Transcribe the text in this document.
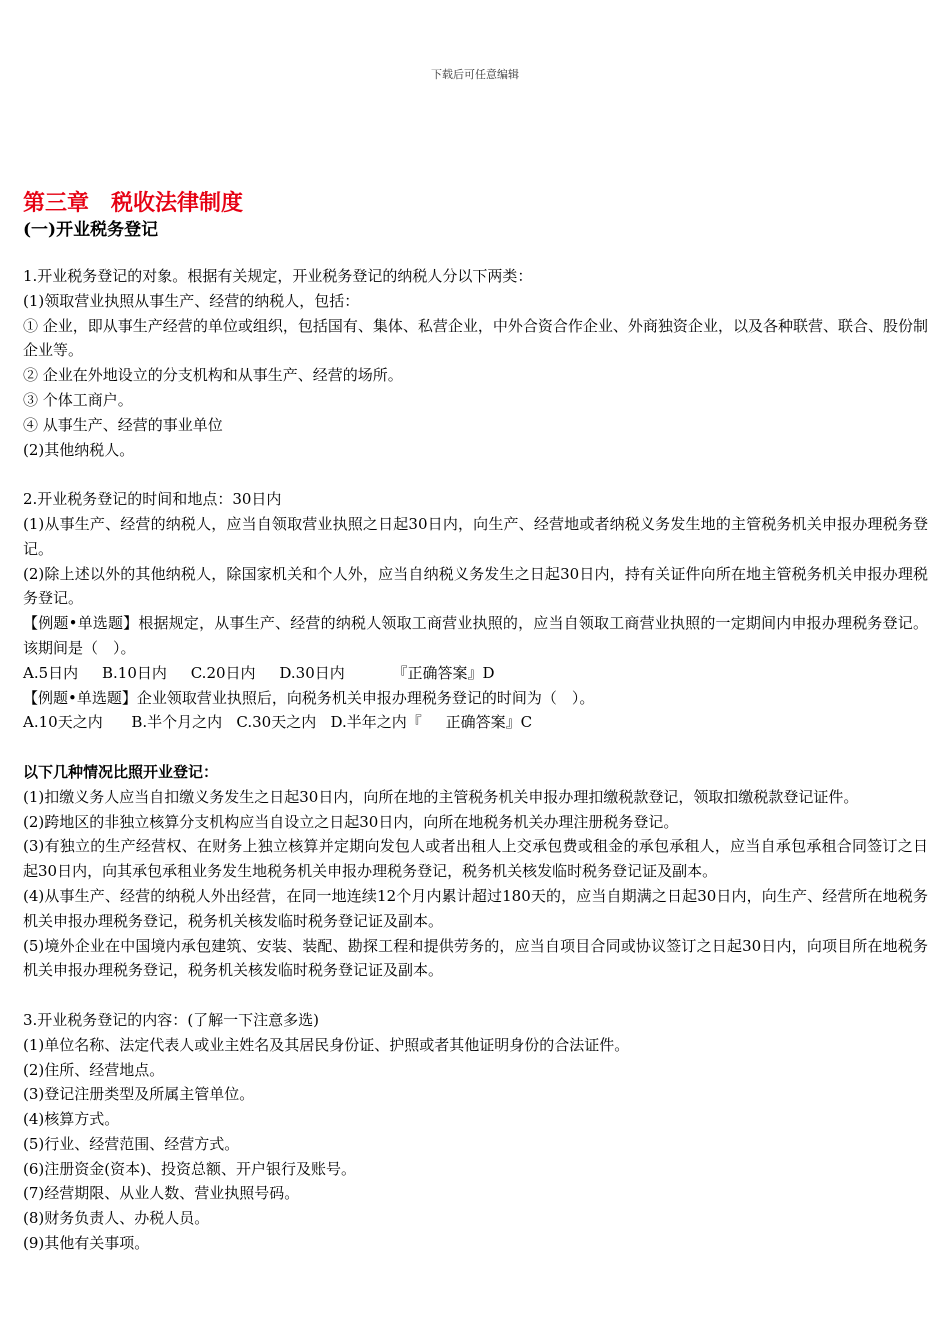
下载后可任意编辑
第三章　税收法律制度
(一)开业税务登记

1.开业税务登记的对象。根据有关规定，开业税务登记的纳税人分以下两类：

(1)领取营业执照从事生产、经营的纳税人，包括：

① 企业，即从事生产经营的单位或组织，包括国有、集体、私营企业，中外合资合作企业、外商独资企业，以及各种联营、联合、股份制企业等。

② 企业在外地设立的分支机构和从事生产、经营的场所。

③ 个体工商户。

④ 从事生产、经营的事业单位

(2)其他纳税人。

2.开业税务登记的时间和地点：30日内

(1)从事生产、经营的纳税人，应当自领取营业执照之日起30日内，向生产、经营地或者纳税义务发生地的主管税务机关申报办理税务登记。

(2)除上述以外的其他纳税人，除国家机关和个人外，应当自纳税义务发生之日起30日内，持有关证件向所在地主管税务机关申报办理税务登记。

【例题•单选题】根据规定，从事生产、经营的纳税人领取工商营业执照的，应当自领取工商营业执照的一定期间内申报办理税务登记。该期间是（　）。

A.5日内 B.10日内 C.20日内 D.30日内	『正确答案』D

【例题•单选题】企业领取营业执照后，向税务机关申报办理税务登记的时间为（　）。

A.10天之内 B.半个月之内 C.30天之内 D.半年之内『 正确答案』C

以下几种情况比照开业登记：

(1)扣缴义务人应当自扣缴义务发生之日起30日内，向所在地的主管税务机关申报办理扣缴税款登记，领取扣缴税款登记证件。

(2)跨地区的非独立核算分支机构应当自设立之日起30日内，向所在地税务机关办理注册税务登记。

(3)有独立的生产经营权、在财务上独立核算并定期向发包人或者出租人上交承包费或租金的承包承租人，应当自承包承租合同签订之日起30日内，向其承包承租业务发生地税务机关申报办理税务登记，税务机关核发临时税务登记证及副本。

(4)从事生产、经营的纳税人外出经营，在同一地连续12个月内累计超过180天的，应当自期满之日起30日内，向生产、经营所在地税务机关申报办理税务登记，税务机关核发临时税务登记证及副本。

(5)境外企业在中国境内承包建筑、安装、装配、勘探工程和提供劳务的，应当自项目合同或协议签订之日起30日内，向项目所在地税务机关申报办理税务登记，税务机关核发临时税务登记证及副本。

3.开业税务登记的内容：(了解一下注意多选)

(1)单位名称、法定代表人或业主姓名及其居民身份证、护照或者其他证明身份的合法证件。

(2)住所、经营地点。

(3)登记注册类型及所属主管单位。

(4)核算方式。

(5)行业、经营范围、经营方式。

(6)注册资金(资本)、投资总额、开户银行及账号。

(7)经营期限、从业人数、营业执照号码。

(8)财务负责人、办税人员。

(9)其他有关事项。
